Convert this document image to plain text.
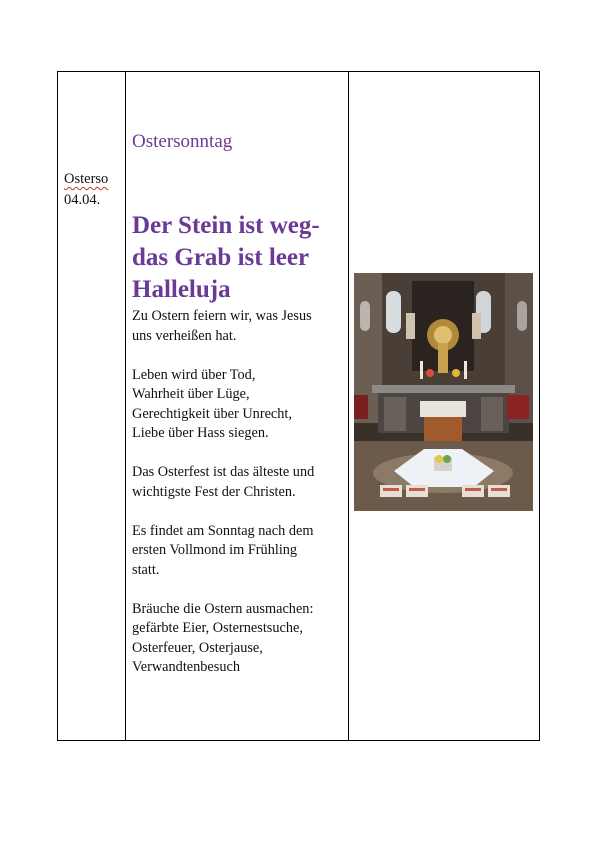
Osterso
04.04.
Ostersonntag
Der Stein ist weg-
das Grab ist leer
Halleluja

Zu Ostern feiern wir, was Jesus
uns verheißen hat.

Leben wird über Tod,
Wahrheit über Lüge,
Gerechtigkeit über Unrecht,
Liebe über Hass siegen.

Das Osterfest ist das älteste und
wichtigste Fest der Christen.

Es findet am Sonntag nach dem
ersten Vollmond im Frühling
statt.

Bräuche die Ostern ausmachen:
gefärbte Eier, Osternestsuche,
Osterfeuer, Osterjause,
Verwandtenbesuch
